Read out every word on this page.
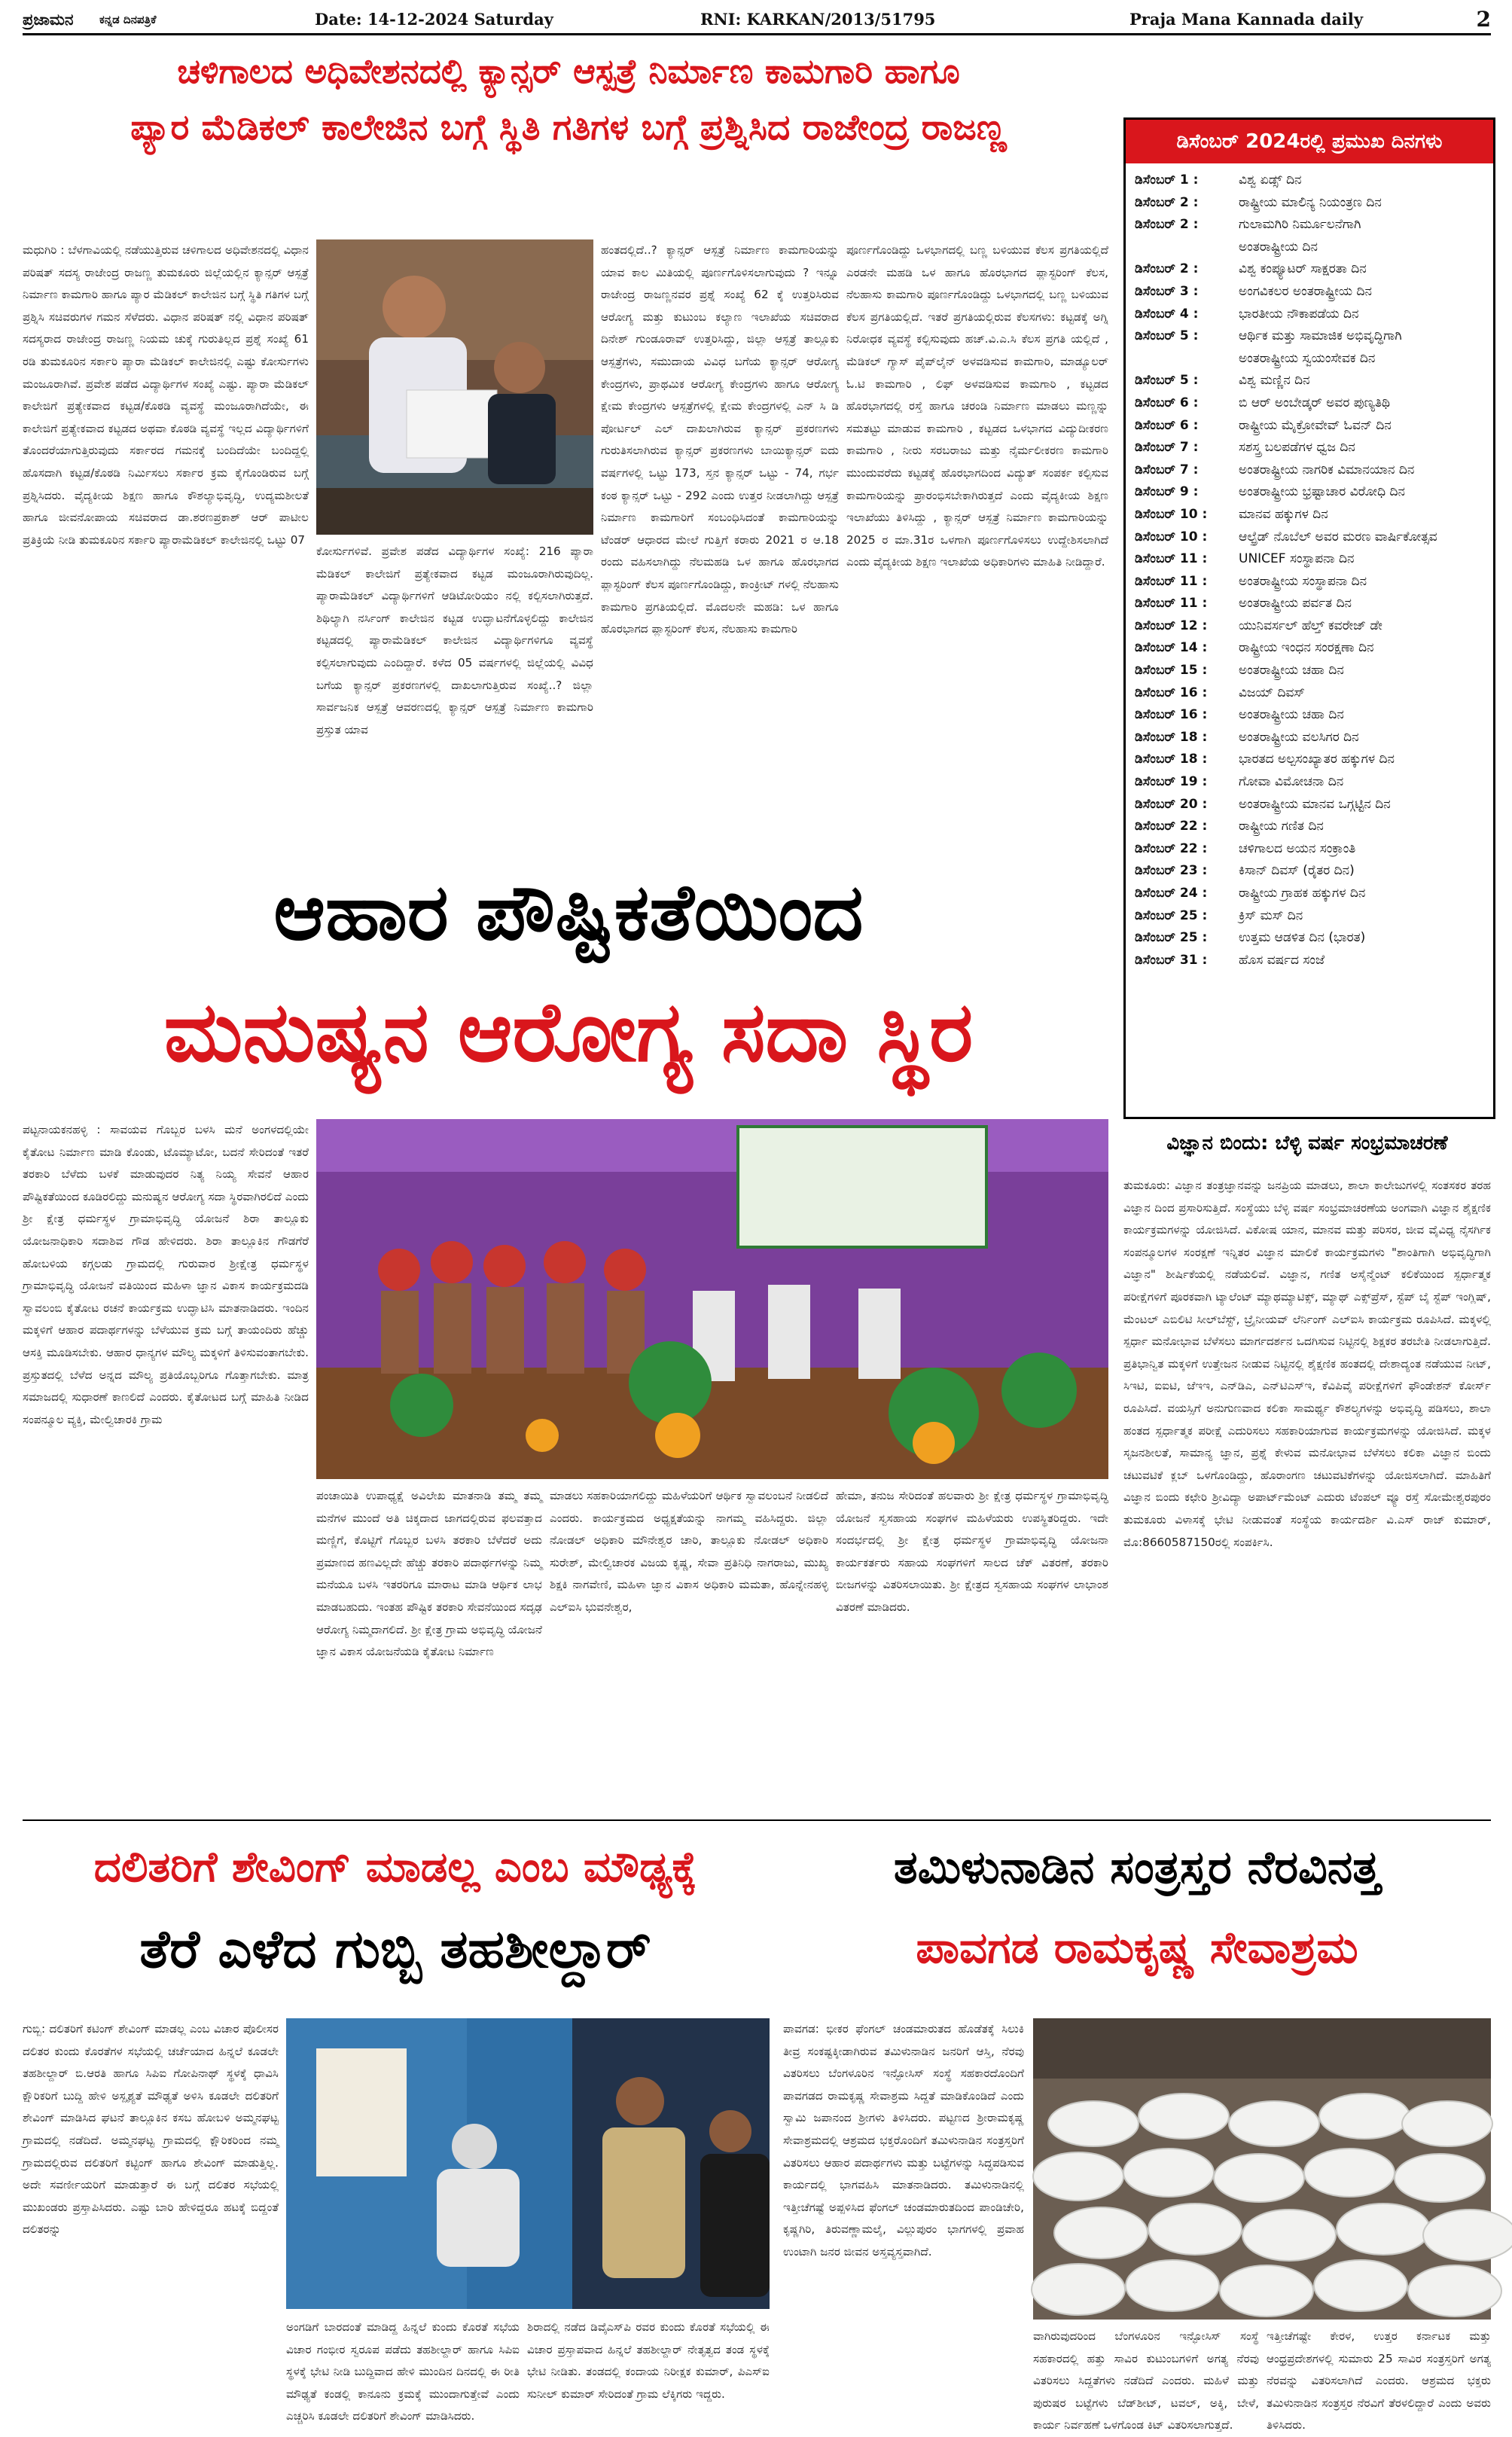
ಪ್ರಜಾಮನ ಕನ್ನಡ ದಿನಪತ್ರಿಕೆ	Date: 14-12-2024 Saturday	RNI: KARKAN/2013/51795	Praja Mana Kannada daily	2
ಚಳಿಗಾಲದ ಅಧಿವೇಶನದಲ್ಲಿ ಕ್ಯಾನ್ಸರ್ ಆಸ್ಪತ್ರೆ ನಿರ್ಮಾಣ ಕಾಮಗಾರಿ ಹಾಗೂ
ಪ್ಯಾರ ಮೆಡಿಕಲ್ ಕಾಲೇಜಿನ ಬಗ್ಗೆ ಸ್ಥಿತಿ ಗತಿಗಳ ಬಗ್ಗೆ ಪ್ರಶ್ನಿಸಿದ ರಾಜೇಂದ್ರ ರಾಜಣ್ಣ

ಮಧುಗಿರಿ : ಬೆಳಗಾವಿಯಲ್ಲಿ ನಡೆಯುತ್ತಿರುವ ಚಳಿಗಾಲದ ಅಧಿವೇಶನದಲ್ಲಿ ವಿಧಾನ ಪರಿಷತ್ ಸದಸ್ಯ ರಾಜೇಂದ್ರ ರಾಜಣ್ಣ ತುಮಕೂರು ಜಿಲ್ಲೆಯಲ್ಲಿನ ಕ್ಯಾನ್ಸರ್ ಆಸ್ಪತ್ರೆ ನಿರ್ಮಾಣ ಕಾಮಗಾರಿ ಹಾಗೂ ಪ್ಯಾರ ಮೆಡಿಕಲ್ ಕಾಲೇಜಿನ ಬಗ್ಗೆ ಸ್ಥಿತಿ ಗತಿಗಳ ಬಗ್ಗೆ ಪ್ರಶ್ನಿಸಿ ಸಚಿವರುಗಳ ಗಮನ ಸೆಳೆದರು. ವಿಧಾನ ಪರಿಷತ್ ನಲ್ಲಿ ವಿಧಾನ ಪರಿಷತ್ ಸದಸ್ಯರಾದ ರಾಜೇಂದ್ರ ರಾಜಣ್ಣ ನಿಯಮ ಚುಕ್ಕೆ ಗುರುತಿಲ್ಲದ ಪ್ರಶ್ನೆ ಸಂಖ್ಯೆ 61 ರಡಿ ತುಮಕೂರಿನ ಸರ್ಕಾರಿ ಪ್ಯಾರಾ ಮೆಡಿಕಲ್ ಕಾಲೇಜಿನಲ್ಲಿ ಎಷ್ಟು ಕೋರ್ಸುಗಳು ಮಂಜೂರಾಗಿವೆ. ಪ್ರವೇಶ ಪಡೆದ ವಿದ್ಯಾರ್ಥಿಗಳ ಸಂಖ್ಯೆ ಎಷ್ಟು. ಪ್ಯಾರಾ ಮೆಡಿಕಲ್ ಕಾಲೇಜಿಗೆ ಪ್ರತ್ಯೇಕವಾದ ಕಟ್ಟಡ/ಕೊಠಡಿ ವ್ಯವಸ್ಥೆ ಮಂಜೂರಾಗಿದೆಯೇ, ಈ ಕಾಲೇಜಿಗೆ ಪ್ರತ್ಯೇಕವಾದ ಕಟ್ಟಡದ ಅಥವಾ ಕೊಠಡಿ ವ್ಯವಸ್ಥೆ ಇಲ್ಲದ ವಿದ್ಯಾರ್ಥಿಗಳಿಗೆ ತೊಂದರೆಯಾಗುತ್ತಿರುವುದು ಸರ್ಕಾರದ ಗಮನಕ್ಕೆ ಬಂದಿದೆಯೇ ಬಂದಿದ್ದಲ್ಲಿ ಹೊಸದಾಗಿ ಕಟ್ಟಡ/ಕೊಠಡಿ ನಿರ್ಮಿಸಲು ಸರ್ಕಾರ ಕ್ರಮ ಕೈಗೊಂಡಿರುವ ಬಗ್ಗೆ ಪ್ರಶ್ನಿಸಿದರು. ವೈದ್ಯಕೀಯ ಶಿಕ್ಷಣ ಹಾಗೂ ಕೌಶಲ್ಯಾಭಿವೃದ್ಧಿ, ಉದ್ಯಮಶೀಲತೆ ಹಾಗೂ ಜೀವನೋಪಾಯ ಸಚಿವರಾದ ಡಾ.ಶರಣಪ್ರಕಾಶ್ ಆರ್ ಪಾಟೀಲ ಪ್ರತಿಕ್ರಿಯೆ ನೀಡಿ ತುಮಕೂರಿನ ಸರ್ಕಾರಿ ಪ್ಯಾರಾಮೆಡಿಕಲ್ ಕಾಲೇಜಿನಲ್ಲಿ ಒಟ್ಟು 07

ಕೋರ್ಸುಗಳಿವೆ. ಪ್ರವೇಶ ಪಡೆದ ವಿದ್ಯಾರ್ಥಿಗಳ ಸಂಖ್ಯೆ: 216 ಪ್ಯಾರಾ ಮೆಡಿಕಲ್ ಕಾಲೇಜಿಗೆ ಪ್ರತ್ಯೇಕವಾದ ಕಟ್ಟಡ ಮಂಜೂರಾಗಿರುವುದಿಲ್ಲ. ಪ್ಯಾರಾಮೆಡಿಕಲ್ ವಿದ್ಯಾರ್ಥಿಗಳಿಗೆ ಆಡಿಟೋರಿಯಂ ನಲ್ಲಿ ಕಲ್ಪಿಸಲಾಗಿರುತ್ತದೆ. ಶಿಥಿಲ್ಯಾಗಿ ನರ್ಸಿಂಗ್ ಕಾಲೇಜಿನ ಕಟ್ಟಡ ಉದ್ಘಾಟನೆಗೊಳ್ಳಲಿದ್ದು ಕಾಲೇಜಿನ ಕಟ್ಟಡದಲ್ಲಿ ಪ್ಯಾರಾಮೆಡಿಕಲ್ ಕಾಲೇಜಿನ ವಿದ್ಯಾರ್ಥಿಗಳಿಗೂ ವ್ಯವಸ್ಥೆ ಕಲ್ಪಿಸಲಾಗುವುದು ಎಂದಿದ್ದಾರೆ. ಕಳೆದ 05 ವರ್ಷಗಳಲ್ಲಿ ಜಿಲ್ಲೆಯಲ್ಲಿ ವಿವಿಧ ಬಗೆಯ ಕ್ಯಾನ್ಸರ್ ಪ್ರಕರಣಗಳಲ್ಲಿ ದಾಖಲಾಗುತ್ತಿರುವ ಸಂಖ್ಯೆ..? ಜಿಲ್ಲಾ ಸಾರ್ವಜನಿಕ ಆಸ್ಪತ್ರೆ ಆವರಣದಲ್ಲಿ ಕ್ಯಾನ್ಸರ್ ಆಸ್ಪತ್ರೆ ನಿರ್ಮಾಣ ಕಾಮಗಾರಿ ಪ್ರಸ್ತುತ ಯಾವ

ಹಂತದಲ್ಲಿದೆ..? ಕ್ಯಾನ್ಸರ್ ಆಸ್ಪತ್ರೆ ನಿರ್ಮಾಣ ಕಾಮಗಾರಿಯನ್ನು ಯಾವ ಕಾಲ ಮಿತಿಯಲ್ಲಿ ಪೂರ್ಣಗೊಳಿಸಲಾಗುವುದು ? ಇನ್ನೂ ರಾಜೇಂದ್ರ ರಾಜಣ್ಣನವರ ಪ್ರಶ್ನೆ ಸಂಖ್ಯೆ 62 ಕ್ಕೆ ಉತ್ತರಿಸಿರುವ ಆರೋಗ್ಯ ಮತ್ತು ಕುಟುಂಬ ಕಲ್ಯಾಣ ಇಲಾಖೆಯ ಸಚಿವರಾದ ದಿನೇಶ್ ಗುಂಡೂರಾವ್ ಉತ್ತರಿಸಿದ್ದು, ಜಿಲ್ಲಾ ಆಸ್ಪತ್ರೆ ತಾಲ್ಲೂಕು ಆಸ್ಪತ್ರೆಗಳು, ಸಮುದಾಯ ವಿವಿಧ ಬಗೆಯ ಕ್ಯಾನ್ಸರ್ ಆರೋಗ್ಯ ಕೇಂದ್ರಗಳು, ಪ್ರಾಥಮಿಕ ಆರೋಗ್ಯ ಕೇಂದ್ರಗಳು ಹಾಗೂ ಆರೋಗ್ಯ ಕ್ಷೇಮ ಕೇಂದ್ರಗಳು ಆಸ್ಪತ್ರೆಗಳಲ್ಲಿ ಕ್ಷೇಮ ಕೇಂದ್ರಗಳಲ್ಲಿ ಎನ್ ಸಿ ಡಿ ಪೋರ್ಟಲ್ ಎಲ್ ದಾಖಲಾಗಿರುವ ಕ್ಯಾನ್ಸರ್ ಪ್ರಕರಣಗಳು ಗುರುತಿಸಲಾಗಿರುವ ಕ್ಯಾನ್ಸರ್ ಪ್ರಕರಣಗಳು ಬಾಯಿಕ್ಯಾನ್ಸರ್ ಐದು ವರ್ಷಗಳಲ್ಲಿ ಒಟ್ಟು 173, ಸ್ತನ ಕ್ಯಾನ್ಸರ್ ಒಟ್ಟು - 74, ಗರ್ಭ ಕಂಠ ಕ್ಯಾನ್ಸರ್ ಒಟ್ಟು - 292 ಎಂದು ಉತ್ತರ ನೀಡಲಾಗಿದ್ದು ಆಸ್ಪತ್ರೆ ನಿರ್ಮಾಣ ಕಾಮಗಾರಿಗೆ ಸಂಬಂಧಿಸಿದಂತೆ ಕಾಮಗಾರಿಯನ್ನು ಟೆಂಡರ್ ಆಧಾರದ ಮೇಲೆ ಗುತ್ತಿಗೆ ಕರಾರು 2021 ರ ಆ.18 ರಂದು ವಹಿಸಲಾಗಿದ್ದು ನೆಲಮಹಡಿ ಒಳ ಹಾಗೂ ಹೊರಭಾಗದ ಪ್ಲಾಸ್ಟರಿಂಗ್ ಕೆಲಸ ಪೂರ್ಣಗೊಂಡಿದ್ದು, ಕಾಂಕ್ರೀಟ್ ಗಳಲ್ಲಿ ನೆಲಹಾಸು ಕಾಮಗಾರಿ ಪ್ರಗತಿಯಲ್ಲಿದೆ. ಮೊದಲನೇ ಮಹಡಿ: ಒಳ ಹಾಗೂ ಹೊರಭಾಗದ ಪ್ಲಾಸ್ಟರಿಂಗ್ ಕೆಲಸ, ನೆಲಹಾಸು ಕಾಮಗಾರಿ

ಪೂರ್ಣಗೊಂಡಿದ್ದು ಒಳಭಾಗದಲ್ಲಿ ಬಣ್ಣ ಬಳಿಯುವ ಕೆಲಸ ಪ್ರಗತಿಯಲ್ಲಿದೆ ಎರಡನೇ ಮಹಡಿ ಒಳ ಹಾಗೂ ಹೊರಭಾಗದ ಪ್ಲಾಸ್ಟರಿಂಗ್ ಕೆಲಸ, ನೆಲಹಾಸು ಕಾಮಗಾರಿ ಪೂರ್ಣಗೊಂಡಿದ್ದು ಒಳಭಾಗದಲ್ಲಿ ಬಣ್ಣ ಬಳಿಯುವ ಕೆಲಸ ಪ್ರಗತಿಯಲ್ಲಿದೆ. ಇತರೆ ಪ್ರಗತಿಯಲ್ಲಿರುವ ಕೆಲಸಗಳು: ಕಟ್ಟಡಕ್ಕೆ ಅಗ್ನಿ ನಿರೋಧಕ ವ್ಯವಸ್ಥೆ ಕಲ್ಪಿಸುವುದು ಹಚ್.ವಿ.ಎ.ಸಿ ಕೆಲಸ ಪ್ರಗತಿ ಯಲ್ಲಿದೆ , ಮೆಡಿಕಲ್ ಗ್ಯಾಸ್ ಪೈಪ್‌ಲೈನ್ ಅಳವಡಿಸುವ ಕಾಮಗಾರಿ, ಮಾಡ್ಯೂಲರ್ ಓ.ಟಿ ಕಾಮಗಾರಿ , ಲಿಫ್ ಅಳವಡಿಸುವ ಕಾಮಗಾರಿ , ಕಟ್ಟಡದ ಹೊರಭಾಗದಲ್ಲಿ ರಸ್ತೆ ಹಾಗೂ ಚರಂಡಿ ನಿರ್ಮಾಣ ಮಾಡಲು ಮಣ್ಣನ್ನು ಸಮತಟ್ಟು ಮಾಡುವ ಕಾಮಗಾರಿ , ಕಟ್ಟಡದ ಒಳಭಾಗದ ವಿದ್ಯುದೀಕರಣ ಕಾಮಗಾರಿ , ನೀರು ಸರಬರಾಜು ಮತ್ತು ನೈರ್ಮಲೀಕರಣ ಕಾಮಗಾರಿ ಮುಂದುವರೆದು ಕಟ್ಟಡಕ್ಕೆ ಹೊರಭಾಗದಿಂದ ವಿದ್ಯುತ್ ಸಂಪರ್ಕ ಕಲ್ಪಿಸುವ ಕಾಮಗಾರಿಯನ್ನು ಪ್ರಾರಂಭಿಸಬೇಕಾಗಿರುತ್ತದೆ ಎಂದು ವೈದ್ಯಕೀಯ ಶಿಕ್ಷಣ ಇಲಾಖೆಯು ತಿಳಿಸಿದ್ದು , ಕ್ಯಾನ್ಸರ್ ಆಸ್ಪತ್ರೆ ನಿರ್ಮಾಣ ಕಾಮಗಾರಿಯನ್ನು 2025 ರ ಮಾ.31ರ ಒಳಗಾಗಿ ಪೂರ್ಣಗೊಳಿಸಲು ಉದ್ದೇಶಿಸಲಾಗಿದೆ ಎಂದು ವೈದ್ಯಕೀಯ ಶಿಕ್ಷಣ ಇಲಾಖೆಯ ಅಧಿಕಾರಿಗಳು ಮಾಹಿತಿ ನೀಡಿದ್ದಾರೆ.

ಡಿಸೆಂಬರ್ 2024ರಲ್ಲಿ ಪ್ರಮುಖ ದಿನಗಳು
ಡಿಸೆಂಬರ್ 1 :	ವಿಶ್ವ ಏಡ್ಸ್ ದಿನ
ಡಿಸೆಂಬರ್ 2 :	ರಾಷ್ಟ್ರೀಯ ಮಾಲಿನ್ಯ ನಿಯಂತ್ರಣ ದಿನ
ಡಿಸೆಂಬರ್ 2 :	ಗುಲಾಮಗಿರಿ ನಿರ್ಮೂಲನೆಗಾಗಿ
ಅಂತರಾಷ್ಟ್ರೀಯ ದಿನ
ಡಿಸೆಂಬರ್ 2 :	ವಿಶ್ವ ಕಂಪ್ಯೂಟರ್ ಸಾಕ್ಷರತಾ ದಿನ
ಡಿಸೆಂಬರ್ 3 :	ಅಂಗವಿಕಲರ ಅಂತರಾಷ್ಟ್ರೀಯ ದಿನ
ಡಿಸೆಂಬರ್ 4 :	ಭಾರತೀಯ ನೌಕಾಪಡೆಯ ದಿನ
ಡಿಸೆಂಬರ್ 5 :	ಆರ್ಥಿಕ ಮತ್ತು ಸಾಮಾಜಿಕ ಅಭಿವೃದ್ಧಿಗಾಗಿ
ಅಂತರಾಷ್ಟ್ರೀಯ ಸ್ವಯಂಸೇವಕ ದಿನ
ಡಿಸೆಂಬರ್ 5 :	ವಿಶ್ವ ಮಣ್ಣಿನ ದಿನ
ಡಿಸೆಂಬರ್ 6 :	ಬಿ ಆರ್ ಅಂಬೇಡ್ಕರ್ ಅವರ ಪುಣ್ಯತಿಥಿ
ಡಿಸೆಂಬರ್ 6 :	ರಾಷ್ಟ್ರೀಯ ಮೈಕ್ರೋವೇವ್ ಓವನ್ ದಿನ
ಡಿಸೆಂಬರ್ 7 :	ಸಶಸ್ತ್ರ ಬಲಪಡೆಗಳ ಧ್ವಜ ದಿನ
ಡಿಸೆಂಬರ್ 7 :	ಅಂತರಾಷ್ಟ್ರೀಯ ನಾಗರಿಕ ವಿಮಾನಯಾನ ದಿನ
ಡಿಸೆಂಬರ್ 9 :	ಅಂತರಾಷ್ಟ್ರೀಯ ಭ್ರಷ್ಟಾಚಾರ ವಿರೋಧಿ ದಿನ
ಡಿಸೆಂಬರ್ 10 :	ಮಾನವ ಹಕ್ಕುಗಳ ದಿನ
ಡಿಸೆಂಬರ್ 10 :	ಆಲ್ಫ್ರೆಡ್ ನೊಬೆಲ್ ಅವರ ಮರಣ ವಾರ್ಷಿಕೋತ್ಸವ
ಡಿಸೆಂಬರ್ 11 :	UNICEF ಸಂಸ್ಥಾಪನಾ ದಿನ
ಡಿಸೆಂಬರ್ 11 :	ಅಂತರಾಷ್ಟ್ರೀಯ ಸಂಸ್ಥಾಪನಾ ದಿನ
ಡಿಸೆಂಬರ್ 11 :	ಅಂತರಾಷ್ಟ್ರೀಯ ಪರ್ವತ ದಿನ
ಡಿಸೆಂಬರ್ 12 :	ಯುನಿವರ್ಸಲ್ ಹೆಲ್ತ್ ಕವರೇಜ್ ಡೇ
ಡಿಸೆಂಬರ್ 14 :	ರಾಷ್ಟ್ರೀಯ ಇಂಧನ ಸಂರಕ್ಷಣಾ ದಿನ
ಡಿಸೆಂಬರ್ 15 :	ಅಂತರಾಷ್ಟ್ರೀಯ ಚಹಾ ದಿನ
ಡಿಸೆಂಬರ್ 16 :	ವಿಜಯ್ ದಿವಸ್
ಡಿಸೆಂಬರ್ 16 :	ಅಂತರಾಷ್ಟ್ರೀಯ ಚಹಾ ದಿನ
ಡಿಸೆಂಬರ್ 18 :	ಅಂತರಾಷ್ಟ್ರೀಯ ವಲಸಿಗರ ದಿನ
ಡಿಸೆಂಬರ್ 18 :	ಭಾರತದ ಅಲ್ಪಸಂಖ್ಯಾತರ ಹಕ್ಕುಗಳ ದಿನ
ಡಿಸೆಂಬರ್ 19 :	ಗೋವಾ ವಿಮೋಚನಾ ದಿನ
ಡಿಸೆಂಬರ್ 20 :	ಅಂತರಾಷ್ಟ್ರೀಯ ಮಾನವ ಒಗ್ಗಟ್ಟಿನ ದಿನ
ಡಿಸೆಂಬರ್ 22 :	ರಾಷ್ಟ್ರೀಯ ಗಣಿತ ದಿನ
ಡಿಸೆಂಬರ್ 22 :	ಚಳಿಗಾಲದ ಅಯನ ಸಂಕ್ರಾಂತಿ
ಡಿಸೆಂಬರ್ 23 :	ಕಿಸಾನ್ ದಿವಸ್ (ರೈತರ ದಿನ)
ಡಿಸೆಂಬರ್ 24 :	ರಾಷ್ಟ್ರೀಯ ಗ್ರಾಹಕ ಹಕ್ಕುಗಳ ದಿನ
ಡಿಸೆಂಬರ್ 25 :	ಕ್ರಿಸ್ ಮಸ್ ದಿನ
ಡಿಸೆಂಬರ್ 25 :	ಉತ್ತಮ ಆಡಳಿತ ದಿನ (ಭಾರತ)
ಡಿಸೆಂಬರ್ 31 :	ಹೊಸ ವರ್ಷದ ಸಂಜೆ
ಆಹಾರ ಪೌಷ್ಟಿಕತೆಯಿಂದ
ಮನುಷ್ಯನ ಆರೋಗ್ಯ ಸದಾ ಸ್ಥಿರ

ಪಟ್ಟನಾಯಕನಹಳ್ಳಿ : ಸಾವಯವ ಗೊಬ್ಬರ ಬಳಸಿ ಮನೆ ಅಂಗಳದಲ್ಲಿಯೇ ಕೈತೋಟ ನಿರ್ಮಾಣ ಮಾಡಿ ಕೊಂಡು, ಟೊಮ್ಯಾಟೋ, ಬದನೆ ಸೇರಿದಂತೆ ಇತರೆ ತರಕಾರಿ ಬೆಳೆದು ಬಳಕೆ ಮಾಡುವುದರ ನಿತ್ಯ ನಿಯ್ಯ ಸೇವನೆ ಆಹಾರ ಪೌಷ್ಟಿಕತೆಯಿಂದ ಕೂಡಿರಲಿದ್ದು ಮನುಷ್ಯನ ಆರೋಗ್ಯ ಸದಾ ಸ್ಥಿರವಾಗಿರಲಿದೆ ಎಂದು ಶ್ರೀ ಕ್ಷೇತ್ರ ಧರ್ಮಸ್ಥಳ ಗ್ರಾಮಾಭಿವೃದ್ಧಿ ಯೋಜನೆ ಶಿರಾ ತಾಲ್ಲೂಕು ಯೋಜನಾಧಿಕಾರಿ ಸದಾಶಿವ ಗೌಡ ಹೇಳಿದರು. ಶಿರಾ ತಾಲ್ಲೂಕಿನ ಗೌಡಗೆರೆ ಹೋಬಳಿಯ ಕಗ್ಗಲಡು ಗ್ರಾಮದಲ್ಲಿ ಗುರುವಾರ ಶ್ರೀಕ್ಷೇತ್ರ ಧರ್ಮಸ್ಥಳ ಗ್ರಾಮಾಭಿವೃದ್ಧಿ ಯೋಜನೆ ವತಿಯಿಂದ ಮಹಿಳಾ ಜ್ಞಾನ ವಿಕಾಸ ಕಾರ್ಯಕ್ರಮದಡಿ ಸ್ವಾವಲಂಬಿ ಕೈತೋಟ ರಚನೆ ಕಾರ್ಯಕ್ರಮ ಉದ್ಘಾಟಿಸಿ ಮಾತನಾಡಿದರು. ಇಂದಿನ ಮಕ್ಕಳಿಗೆ ಆಹಾರ ಪದಾರ್ಥಗಳನ್ನು ಬೆಳೆಯುವ ಕ್ರಮ ಬಗ್ಗೆ ತಾಯಂದಿರು ಹೆಚ್ಚು ಆಸಕ್ತಿ ಮೂಡಿಸಬೇಕು. ಆಹಾರ ಧಾನ್ಯಗಳ ಮೌಲ್ಯ ಮಕ್ಕಳಿಗೆ ತಿಳಿಸುವಂತಾಗಬೇಕು. ಪ್ರಸ್ತುತದಲ್ಲಿ ಬೆಳೆದ ಅನ್ನದ ಮೌಲ್ಯ ಪ್ರತಿಯೊಬ್ಬರಿಗೂ ಗೊತ್ತಾಗಬೇಕು. ಮಾತ್ರ ಸಮಾಜದಲ್ಲಿ ಸುಧಾರಣೆ ಕಾಣಲಿದೆ ಎಂದರು. ಕೈತೋಟದ ಬಗ್ಗೆ ಮಾಹಿತಿ ನೀಡಿದ ಸಂಪನ್ಮೂಲ ವ್ಯಕ್ತಿ, ಮೇಲ್ವಿಚಾರಕಿ ಗ್ರಾಮ

ಪಂಚಾಯಿತಿ ಉಪಾಧ್ಯಕ್ಷೆ ಅವಿಲೇಖ ಮಾತನಾಡಿ ತಮ್ಮ ತಮ್ಮ ಮನೆಗಳ ಮುಂದೆ ಅತಿ ಚಿಕ್ಕದಾದ ಜಾಗದಲ್ಲಿರುವ ಫಲವತ್ತಾದ ಮಣ್ಣಿಗೆ, ಕೊಟ್ಟಿಗೆ ಗೊಬ್ಬರ ಬಳಸಿ ತರಕಾರಿ ಬೆಳೆದರೆ ಅದು ಪ್ರಮಾಣದ ಹಣವಿಲ್ಲದೇ ಹೆಚ್ಚು ತರಕಾರಿ ಪದಾರ್ಥಗಳನ್ನು ನಿಮ್ಮ ಮನೆಯೂ ಬಳಸಿ ಇತರರಿಗೂ ಮಾರಾಟ ಮಾಡಿ ಆರ್ಥಿಕ ಲಾಭ ಮಾಡಬಹುದು. ಇಂತಹ ಪೌಷ್ಟಿಕ ತರಕಾರಿ ಸೇವನೆಯಿಂದ ಸದೃಢ ಆರೋಗ್ಯ ನಿಮ್ಮದಾಗಲಿದೆ. ಶ್ರೀ ಕ್ಷೇತ್ರ ಗ್ರಾಮ ಅಭಿವೃದ್ಧಿ ಯೋಜನೆ ಜ್ಞಾನ ವಿಕಾಸ ಯೋಜನೆಯಡಿ ಕೈತೋಟ ನಿರ್ಮಾಣ

ಮಾಡಲು ಸಹಕಾರಿಯಾಗಲಿದ್ದು ಮಹಿಳೆಯರಿಗೆ ಆರ್ಥಿಕ ಸ್ವಾವಲಂಬನೆ ನೀಡಲಿದೆ ಎಂದರು. ಕಾರ್ಯಕ್ರಮದ ಅಧ್ಯಕ್ಷತೆಯನ್ನು ನಾಗಮ್ಮ ವಹಿಸಿದ್ದರು. ಜಿಲ್ಲಾ ನೋಡಲ್ ಅಧಿಕಾರಿ ಮೌನೇಶ್ವರ ಚಾರಿ, ತಾಲ್ಲೂಕು ನೋಡಲ್ ಅಧಿಕಾರಿ ಸುರೇಶ್, ಮೇಲ್ವಿಚಾರಕ ವಿಜಯ ಕೃಷ್ಣ, ಸೇವಾ ಪ್ರತಿನಿಧಿ ನಾಗರಾಜು, ಮುಖ್ಯ ಶಿಕ್ಷಕಿ ನಾಗವೇಣಿ, ಮಹಿಳಾ ಜ್ಞಾನ ವಿಕಾಸ ಅಧಿಕಾರಿ ಮಮತಾ, ಹೊನ್ನೇನಹಳ್ಳಿ ಎಲ್‌ಐಸಿ ಭುವನೇಶ್ವರ,

ಹೇಮಾ, ತನುಜ ಸೇರಿದಂತೆ ಹಲವಾರು ಶ್ರೀ ಕ್ಷೇತ್ರ ಧರ್ಮಸ್ಥಳ ಗ್ರಾಮಾಭಿವೃದ್ಧಿ ಯೋಜನೆ ಸ್ವಸಹಾಯ ಸಂಘಗಳ ಮಹಿಳೆಯರು ಉಪಸ್ಥಿತರಿದ್ದರು. ಇದೇ ಸಂದರ್ಭದಲ್ಲಿ ಶ್ರೀ ಕ್ಷೇತ್ರ ಧರ್ಮಸ್ಥಳ ಗ್ರಾಮಾಭಿವೃದ್ಧಿ ಯೋಜನಾ ಕಾರ್ಯಕರ್ತರು ಸಹಾಯ ಸಂಘಗಳಿಗೆ ಸಾಲದ ಚೆಕ್ ವಿತರಣೆ, ತರಕಾರಿ ಬೀಜಗಳನ್ನು ವಿತರಿಸಲಾಯಿತು. ಶ್ರೀ ಕ್ಷೇತ್ರದ ಸ್ವಸಹಾಯ ಸಂಘಗಳ ಲಾಭಾಂಶ ವಿತರಣೆ ಮಾಡಿದರು.

ವಿಜ್ಞಾನ ಬಿಂದು: ಬೆಳ್ಳಿ ವರ್ಷ ಸಂಭ್ರಮಾಚರಣೆ

ತುಮಕೂರು: ವಿಜ್ಞಾನ ತಂತ್ರಜ್ಞಾನವನ್ನು ಜನಪ್ರಿಯ ಮಾಡಲು, ಶಾಲಾ ಕಾಲೇಜುಗಳಲ್ಲಿ ಸಂತಸಕರ ತರಹ ವಿಜ್ಞಾನ ದಿಂದ ಪ್ರಸಾರಿಸುತ್ತಿದೆ. ಸಂಸ್ಥೆಯು ಬೆಳ್ಳಿ ವರ್ಷ ಸಂಭ್ರಮಾಚರಣೆಯ ಅಂಗವಾಗಿ ವಿಜ್ಞಾನ ಶೈಕ್ಷಣಿಕ ಕಾರ್ಯಕ್ರಮಗಳನ್ನು ಯೋಜಿಸಿದೆ. ವಿಕೋಷ ಯಾನ, ಮಾನವ ಮತ್ತು ಪರಿಸರ, ಜೀವ ವೈವಿಧ್ಯ ನೈಸರ್ಗಿಕ ಸಂಪನ್ಮೂಲಗಳ ಸಂರಕ್ಷಣೆ ಇನ್ನಿತರ ವಿಜ್ಞಾನ ಮಾಲಿಕೆ ಕಾರ್ಯಕ್ರಮಗಳು "ಶಾಂತಿಗಾಗಿ ಅಭಿವೃದ್ಧಿಗಾಗಿ ವಿಜ್ಞಾನ" ಶೀರ್ಷಿಕೆಯಲ್ಲಿ ನಡೆಯಲಿವೆ. ವಿಜ್ಞಾನ, ಗಣಿತ ಅಸೈನ್ಮೆಂಟ್ ಕಲಿಕೆಯಿಂದ ಸ್ಪರ್ಧಾತ್ಮಕ ಪರೀಕ್ಷೆಗಳಿಗೆ ಪೂರಕವಾಗಿ ಟ್ಯಾಲೆಂಟ್ ಮ್ಯಾಥಮ್ಯಾಟಿಕ್ಸ್, ಮ್ಯಾಥ್ ಎಕ್ಸ್‌ಪ್ರೆಸ್, ಸ್ಟೆಪ್ ಬೈ ಸ್ಟೆಪ್ ಇಂಗ್ಲಿಷ್, ಮೆಂಟಲ್ ಎಬಿಲಿಟಿ ಸೀಲ್‌ಬೆಸ್ಟ್, ಬ್ರೈನೀಯವ್ ಲೆರ್ನಿಂಗ್ ಎಲ್‌ಐಸಿ ಕಾರ್ಯಕ್ರಮ ರೂಪಿಸಿದೆ. ಮಕ್ಕಳಲ್ಲಿ ಸ್ಪರ್ಧಾ ಮನೋಭಾವ ಬೆಳೆಸಲು ಮಾರ್ಗದರ್ಶನ ಒದಗಿಸುವ ನಿಟ್ಟಿನಲ್ಲಿ ಶಿಕ್ಷಕರ ತರಬೇತಿ ನೀಡಲಾಗುತ್ತಿದೆ. ಪ್ರತಿಭಾನ್ವಿತ ಮಕ್ಕಳಿಗೆ ಉತ್ತೇಜನ ನೀಡುವ ನಿಟ್ಟಿನಲ್ಲಿ ಶೈಕ್ಷಣಿಕ ಹಂತದಲ್ಲಿ ದೇಶಾದ್ಯಂತ ನಡೆಯುವ ನೀಟ್, ಸಿಇಟಿ, ಐಐಟಿ, ಜೆಇಇ, ಎನ್‌ಡಿಎ, ಎನ್‌ಟಿಎಸ್‌ಇ, ಕೆವಿಪಿವೈ ಪರೀಕ್ಷೆಗಳಿಗೆ ಫೌಂಡೇಶನ್ ಕೋರ್ಸ್ ರೂಪಿಸಿದೆ. ವಯಸ್ಸಿಗೆ ಅನುಗುಣವಾದ ಕಲಿಕಾ ಸಾಮರ್ಥ್ಯ ಕೌಶಲ್ಯಗಳನ್ನು ಅಭಿವೃದ್ಧಿ ಪಡಿಸಲು, ಶಾಲಾ ಹಂತದ ಸ್ಪರ್ಧಾತ್ಮಕ ಪರೀಕ್ಷೆ ಎದುರಿಸಲು ಸಹಕಾರಿಯಾಗುವ ಕಾರ್ಯಕ್ರಮಗಳನ್ನು ಯೋಜಿಸಿದೆ. ಮಕ್ಕಳ ಸೃಜನಶೀಲತೆ, ಸಾಮಾನ್ಯ ಜ್ಞಾನ, ಪ್ರಶ್ನೆ ಕೇಳುವ ಮನೋಭಾವ ಬೆಳೆಸಲು ಕಲಿಕಾ ವಿಜ್ಞಾನ ಬಿಂದು ಚಟುವಟಿಕೆ ಕ್ಲಬ್ ಒಳಗೊಂಡಿದ್ದು, ಹೊರಾಂಗಣ ಚಟುವಟಿಕೆಗಳನ್ನು ಯೋಜಿಸಲಾಗಿದೆ. ಮಾಹಿತಿಗೆ ವಿಜ್ಞಾನ ಬಿಂದು ಕಛೇರಿ ಶ್ರೀವಿದ್ಯಾ ಅಪಾರ್ಟ್‌ಮೆಂಟ್ ಎದುರು ಟೆಂಪಲ್ ವ್ಯೂ ರಸ್ತೆ ಸೋಮೇಶ್ವರಪುರಂ ತುಮಕೂರು ವಿಳಾಸಕ್ಕೆ ಭೇಟಿ ನೀಡುವಂತೆ ಸಂಸ್ಥೆಯ ಕಾರ್ಯದರ್ಶಿ ವಿ.ಎಸ್ ರಾಜ್ ಕುಮಾರ್, ಮೊ:8660587150ರಲ್ಲಿ ಸಂಪರ್ಕಿಸಿ.

ದಲಿತರಿಗೆ ಶೇವಿಂಗ್ ಮಾಡಲ್ಲ ಎಂಬ ಮೌಢ್ಯಕ್ಕೆ
ತೆರೆ ಎಳೆದ ಗುಬ್ಬಿ ತಹಶೀಲ್ದಾರ್

ಗುಬ್ಬಿ: ದಲಿತರಿಗೆ ಕಟಿಂಗ್ ಶೇವಿಂಗ್ ಮಾಡಲ್ಲ ಎಂಬ ವಿಚಾರ ಪೊಲೀಸರ ದಲಿತರ ಕುಂದು ಕೊರತೆಗಳ ಸಭೆಯಲ್ಲಿ ಚರ್ಚೆಯಾದ ಹಿನ್ನಲೆ ಕೂಡಲೇ ತಹಶೀಲ್ದಾರ್ ಬಿ.ಆರತಿ ಹಾಗೂ ಸಿಪಿಐ ಗೋಪಿನಾಥ್ ಸ್ಥಳಕ್ಕೆ ಧಾವಿಸಿ ಕ್ಷೌರಿಕರಿಗೆ ಬುದ್ದಿ ಹೇಳಿ ಅಸ್ಪೃಶ್ಯತೆ ಮೌಢ್ಯತೆ ಅಳಿಸಿ ಕೂಡಲೇ ದಲಿತರಿಗೆ ಶೇವಿಂಗ್ ಮಾಡಿಸಿದ ಘಟನೆ ತಾಲ್ಲೂಕಿನ ಕಸಬ ಹೋಬಳಿ ಅಮ್ಮನಘಟ್ಟ ಗ್ರಾಮದಲ್ಲಿ ನಡೆದಿದೆ. ಅಮ್ಮನಘಟ್ಟ ಗ್ರಾಮದಲ್ಲಿ ಕ್ಷೌರಿಕರಿಂದ ನಮ್ಮ ಗ್ರಾಮದಲ್ಲಿರುವ ದಲಿತರಿಗೆ ಕಟ್ಟಿಂಗ್ ಹಾಗೂ ಶೇವಿಂಗ್ ಮಾಡುತ್ತಿಲ್ಲ. ಅದೇ ಸವರ್ಣೀಯರಿಗೆ ಮಾಡುತ್ತಾರೆ ಈ ಬಗ್ಗೆ ದಲಿತರ ಸಭೆಯಲ್ಲಿ ಮುಖಂಡರು ಪ್ರಸ್ತಾಪಿಸಿದರು. ಎಷ್ಟು ಬಾರಿ ಹೇಳಿದ್ದರೂ ಹಟಕ್ಕೆ ಬಿದ್ದಂತೆ ದಲಿತರನ್ನು

ಅಂಗಡಿಗೆ ಬಾರದಂತೆ ಮಾಡಿದ್ದ ಹಿನ್ನಲೆ ಕುಂದು ಕೊರತೆ ಸಭೆಯ ವಿಚಾರ ಗಂಭೀರ ಸ್ವರೂಪ ಪಡೆದು ತಹಶೀಲ್ದಾರ್ ಹಾಗೂ ಸಿಪಿಐ ಸ್ಥಳಕ್ಕೆ ಭೇಟಿ ನೀಡಿ ಬುದ್ದಿವಾದ ಹೇಳಿ ಮುಂದಿನ ದಿನದಲ್ಲಿ ಈ ರೀತಿ ಮೌಢ್ಯತೆ ಕಂಡಲ್ಲಿ ಕಾನೂನು ಕ್ರಮಕ್ಕೆ ಮುಂದಾಗುತ್ತೇವೆ ಎಂದು ಎಚ್ಚರಿಸಿ ಕೂಡಲೇ ದಲಿತರಿಗೆ ಶೇವಿಂಗ್ ಮಾಡಿಸಿದರು.

ಶಿರಾದಲ್ಲಿ ನಡೆದ ಡಿವೈಎಸ್‌ಪಿ ರವರ ಕುಂದು ಕೊರತೆ ಸಭೆಯಲ್ಲಿ ಈ ವಿಚಾರ ಪ್ರಸ್ತಾಪವಾದ ಹಿನ್ನಲೆ ತಹಶೀಲ್ದಾರ್ ನೇತೃತ್ವದ ತಂಡ ಸ್ಥಳಕ್ಕೆ ಭೇಟಿ ನೀಡಿತು. ತಂಡದಲ್ಲಿ ಕಂದಾಯ ನಿರೀಕ್ಷಕ ಕುಮಾರ್, ಪಿಎಸ್‌ಐ ಸುನೀಲ್ ಕುಮಾರ್ ಸೇರಿದಂತೆ ಗ್ರಾಮ ಲೆಕ್ಕಿಗರು ಇದ್ದರು.

ತಮಿಳುನಾಡಿನ ಸಂತ್ರಸ್ತರ ನೆರವಿನತ್ತ
ಪಾವಗಡ ರಾಮಕೃಷ್ಣ ಸೇವಾಶ್ರಮ

ಪಾವಗಡ: ಭೀಕರ ಫೆಂಗಲ್ ಚಂಡಮಾರುತದ ಹೊಡೆತಕ್ಕೆ ಸಿಲುಕಿ ತೀವ್ರ ಸಂಕಷ್ಟಕ್ಕೀಡಾಗಿರುವ ತಮಿಳುನಾಡಿನ ಜನರಿಗೆ ಆಸ್ತಿ, ನೆರವು ವಿತರಿಸಲು ಬೆಂಗಳೂರಿನ ಇನ್ಫೋಸಿಸ್ ಸಂಸ್ಥೆ ಸಹಕಾರದೊಂದಿಗೆ ಪಾವಗಡದ ರಾಮಕೃಷ್ಣ ಸೇವಾಶ್ರಮ ಸಿದ್ದತೆ ಮಾಡಿಕೊಂಡಿದೆ ಎಂದು ಸ್ವಾಮಿ ಜಪಾನಂದ ಶ್ರೀಗಳು ತಿಳಿಸಿದರು. ಪಟ್ಟಣದ ಶ್ರೀರಾಮಕೃಷ್ಣ ಸೇವಾಶ್ರಮದಲ್ಲಿ ಆಶ್ರಮದ ಭಕ್ತರೊಂದಿಗೆ ತಮಿಳುನಾಡಿನ ಸಂತ್ರಸ್ತರಿಗೆ ವಿತರಿಸಲು ಆಹಾರ ಪದಾರ್ಥಗಳು ಮತ್ತು ಬಟ್ಟೆಗಳನ್ನು ಸಿದ್ಧಪಡಿಸುವ ಕಾರ್ಯದಲ್ಲಿ ಭಾಗವಹಿಸಿ ಮಾತನಾಡಿದರು. ತಮಿಳುನಾಡಿನಲ್ಲಿ ಇತ್ತೀಚೆಗಷ್ಟೆ ಅಪ್ಪಳಿಸಿದ ಫೆಂಗಲ್ ಚಂಡಮಾರುತದಿಂದ ಪಾಂಡಿಚೇರಿ, ಕೃಷ್ಣಗಿರಿ, ತಿರುವಣ್ಣಾಮಲೈ, ವಿಲ್ಲುಪುರಂ ಭಾಗಗಳಲ್ಲಿ ಪ್ರವಾಹ ಉಂಟಾಗಿ ಜನರ ಜೀವನ ಅಸ್ತವ್ಯಸ್ತವಾಗಿದೆ.

ವಾಗಿರುವುದರಿಂದ ಬೆಂಗಳೂರಿನ ಇನ್ಫೋಸಿಸ್ ಸಂಸ್ಥೆ ಸಹಕಾರದಲ್ಲಿ ಹತ್ತು ಸಾವಿರ ಕುಟುಂಬಗಳಿಗೆ ಅಗತ್ಯ ನೆರವು ವಿತರಿಸಲು ಸಿದ್ದತೆಗಳು ನಡೆದಿದೆ ಎಂದರು. ಮಹಿಳೆ ಮತ್ತು ಪುರುಷರ ಬಟ್ಟೆಗಳು ಬೆಡ್‌ಶೀಟ್, ಟವಲ್, ಅಕ್ಕಿ, ಬೇಳೆ, ಕಾರ್ಯ ನಿರ್ವಹಣೆ ಒಳಗೊಂಡ ಕಿಟ್ ವಿತರಿಸಲಾಗುತ್ತದೆ.

ಇತ್ತೀಚೆಗಷ್ಟೇ ಕೇರಳ, ಉತ್ತರ ಕರ್ನಾಟಕ ಮತ್ತು ಆಂಧ್ರಪ್ರದೇಶಗಳಲ್ಲಿ ಸುಮಾರು 25 ಸಾವಿರ ಸಂತ್ರಸ್ತರಿಗೆ ಅಗತ್ಯ ನೆರವನ್ನು ವಿತರಿಸಲಾಗಿದೆ ಎಂದರು. ಆಶ್ರಮದ ಭಕ್ತರು ತಮಿಳುನಾಡಿನ ಸಂತ್ರಸ್ತರ ನೆರವಿಗೆ ತೆರಳಲಿದ್ದಾರೆ ಎಂದು ಅವರು ತಿಳಿಸಿದರು.
